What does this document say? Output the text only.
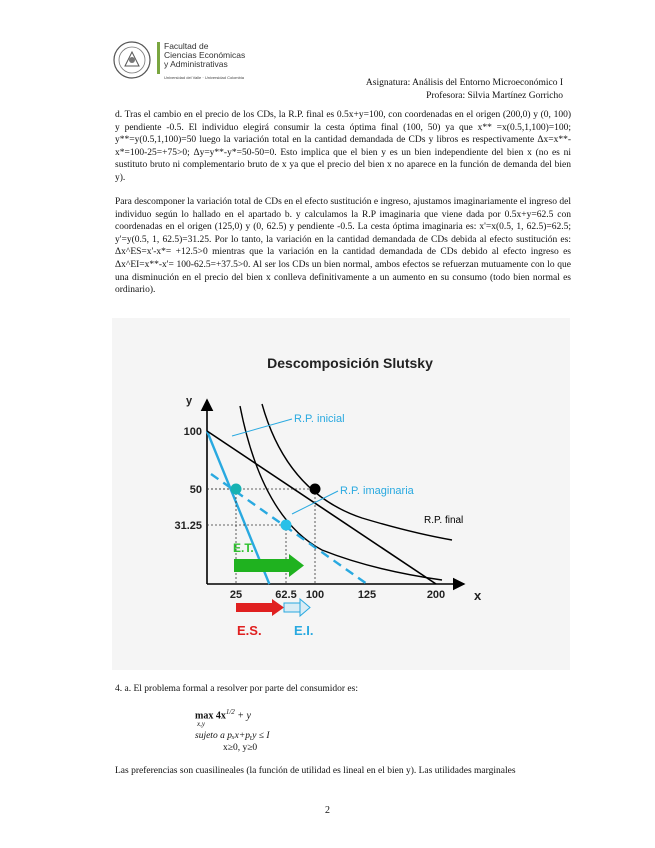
Facultad de
Ciencias Económicas
y Administrativas
Universidad del Valle · Universidad Colombia
Asignatura: Análisis del Entorno Microeconómico I
Profesora: Silvia Martínez Gorricho
d. Tras el cambio en el precio de los CDs, la R.P. final es 0.5x+y=100, con coordenadas en el origen (200,0) y (0, 100) y pendiente -0.5. El individuo elegirá consumir la cesta óptima final (100, 50) ya que x** =x(0.5,1,100)=100; y**=y(0.5,1,100)=50 luego la variación total en la cantidad demandada de CDs y libros es respectivamente Δx=x**-x*=100-25=+75>0; Δy=y**-y*=50-50=0. Esto implica que el bien y es un bien independiente del bien x (no es ni sustituto bruto ni complementario bruto de x ya que el precio del bien x no aparece en la función de demanda del bien y).
Para descomponer la variación total de CDs en el efecto sustitución e ingreso, ajustamos imaginariamente el ingreso del individuo según lo hallado en el apartado b. y calculamos la R.P imaginaria que viene dada por 0.5x+y=62.5 con coordenadas en el origen (125,0) y (0, 62.5) y pendiente -0.5. La cesta óptima imaginaria es: x'=x(0.5, 1, 62.5)=62.5; y'=y(0.5, 1, 62.5)=31.25. Por lo tanto, la variación en la cantidad demandada de CDs debida al efecto sustitución es: Δx^ES=x'-x*= +12.5>0 mientras que la variación en la cantidad demandada de CDs debido al efecto ingreso es Δx^EI=x**-x'= 100-62.5=+37.5>0. Al ser los CDs un bien normal, ambos efectos se refuerzan mutuamente con lo que una disminución en el precio del bien x conlleva definitivamente a un aumento en su consumo (todo bien normal es ordinario).
Descomposición Slutsky
y
x
25	62.5 100	125	200
100
50
31.25
R.P. inicial
R.P. imaginaria
R.P. final
E.T.
E.S. E.I.
4. a. El problema formal a resolver por parte del consumidor es:
$\max 4x^{1/2} + y$
x,y
sujeto a pₓx+pᵧy ≤ I
x≥0, y≥0
Las preferencias son cuasilineales (la función de utilidad es lineal en el bien y). Las utilidades marginales
2
